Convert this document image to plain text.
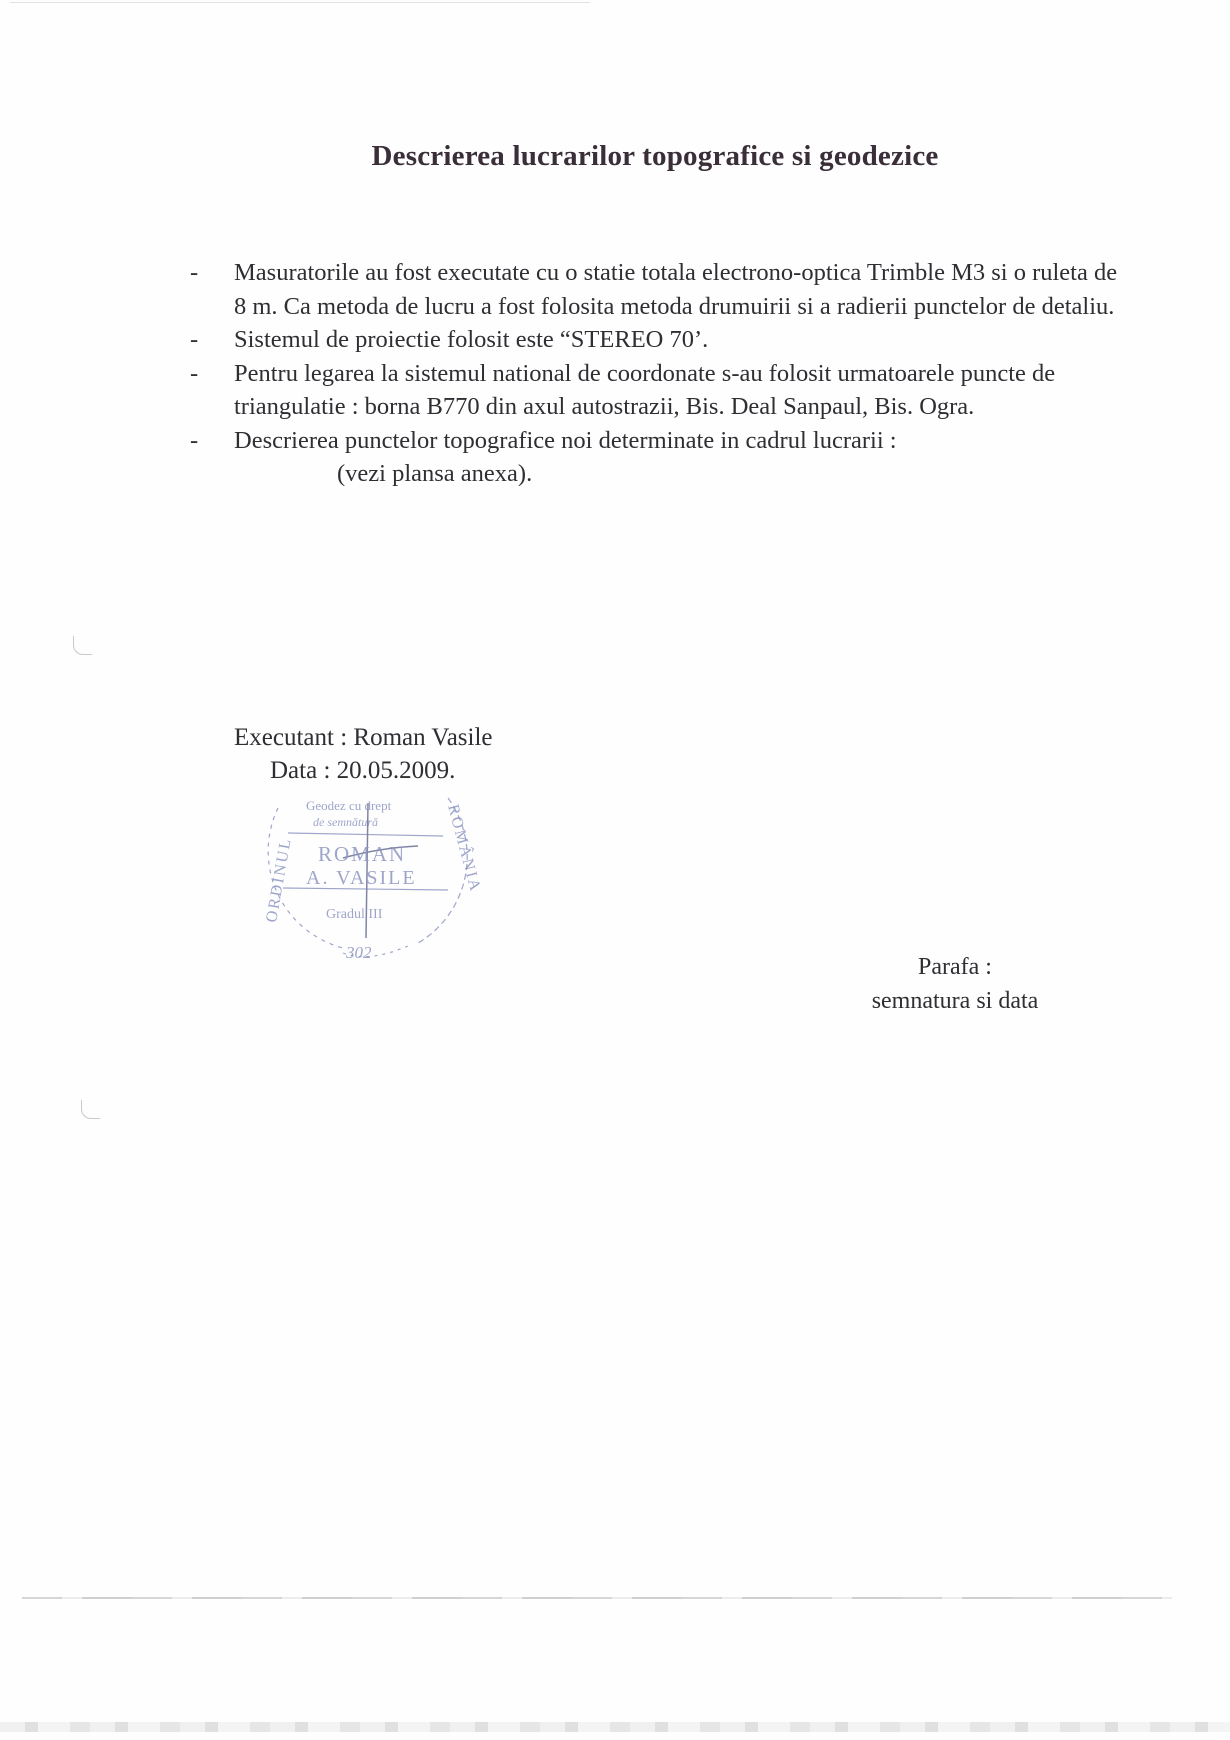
Descrierea lucrarilor topografice si geodezice
- Masuratorile au fost executate cu o statie totala electrono-optica Trimble M3 si o ruleta de 8 m. Ca metoda de lucru a fost folosita metoda drumuirii si a radierii punctelor de detaliu.
- Sistemul de proiectie folosit este “STEREO 70’.
- Pentru legarea la sistemul national de coordonate s-au folosit urmatoarele puncte de triangulatie : borna B770 din axul autostrazii, Bis. Deal Sanpaul, Bis. Ogra.
- Descrierea punctelor topografice noi determinate in cadrul lucrarii :
(vezi plansa anexa).
Executant : Roman Vasile
Data : 20.05.2009.
Geodez cu drept
de semnătură
ROMAN
A. VASILE
Gradul III
302
ORDINUL	ROMÂNIA
Parafa :
semnatura si data
